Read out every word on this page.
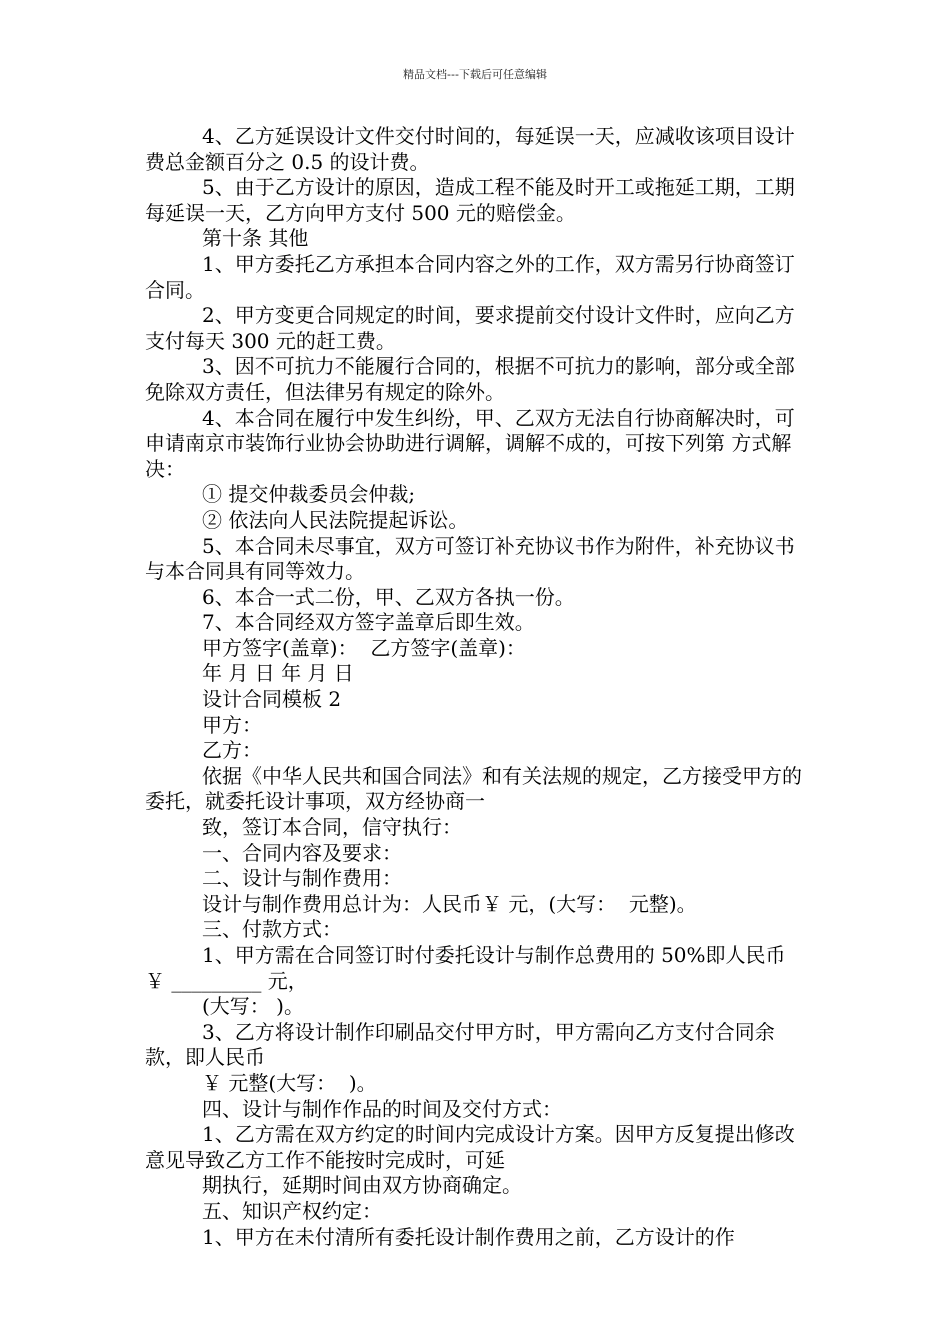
精品文档---下载后可任意编辑

4、乙方延误设计文件交付时间的，每延误一天，应减收该项目设计费总金额百分之 0.5 的设计费。

5、由于乙方设计的原因，造成工程不能及时开工或拖延工期，工期每延误一天，乙方向甲方支付 500 元的赔偿金。

第十条 其他

1、甲方委托乙方承担本合同内容之外的工作，双方需另行协商签订合同。

2、甲方变更合同规定的时间，要求提前交付设计文件时，应向乙方支付每天 300 元的赶工费。

3、因不可抗力不能履行合同的，根据不可抗力的影响，部分或全部免除双方责任，但法律另有规定的除外。

4、本合同在履行中发生纠纷，甲、乙双方无法自行协商解决时，可申请南京市装饰行业协会协助进行调解，调解不成的，可按下列第 方式解决：

① 提交仲裁委员会仲裁;

② 依法向人民法院提起诉讼。

5、本合同未尽事宜，双方可签订补充协议书作为附件，补充协议书与本合同具有同等效力。

6、本合一式二份，甲、乙双方各执一份。

7、本合同经双方签字盖章后即生效。

甲方签字(盖章)：  乙方签字(盖章)：

年 月 日 年 月 日

设计合同模板 2

甲方：

乙方：

依据《中华人民共和国合同法》和有关法规的规定，乙方接受甲方的委托，就委托设计事项，双方经协商一

致，签订本合同，信守执行：

一、合同内容及要求：

二、设计与制作费用：

设计与制作费用总计为：人民币￥ 元，(大写：  元整)。

三、付款方式：

1、甲方需在合同签订时付委托设计与制作总费用的 50%即人民币 ￥ _________ 元，

(大写： )。

3、乙方将设计制作印刷品交付甲方时，甲方需向乙方支付合同余款，即人民币

￥ 元整(大写：  )。

四、设计与制作作品的时间及交付方式：

1、乙方需在双方约定的时间内完成设计方案。因甲方反复提出修改意见导致乙方工作不能按时完成时，可延

期执行，延期时间由双方协商确定。

五、知识产权约定：

1、甲方在未付清所有委托设计制作费用之前，乙方设计的作
